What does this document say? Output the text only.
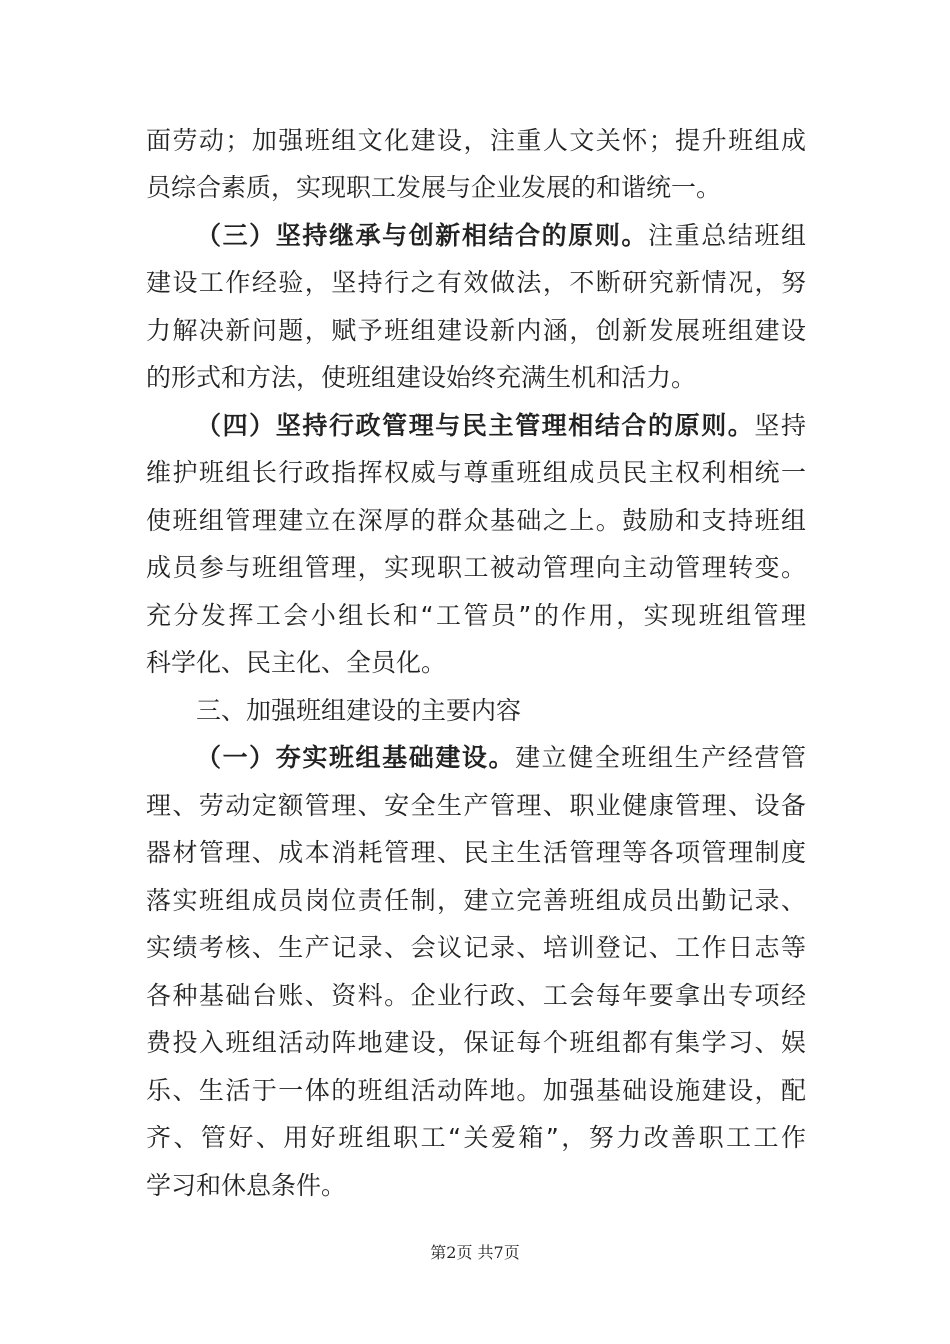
面劳动；加强班组文化建设，注重人文关怀；提升班组成
员综合素质，实现职工发展与企业发展的和谐统一。
（三）坚持继承与创新相结合的原则。注重总结班组
建设工作经验，坚持行之有效做法，不断研究新情况，努
力解决新问题，赋予班组建设新内涵，创新发展班组建设
的形式和方法，使班组建设始终充满生机和活力。
（四）坚持行政管理与民主管理相结合的原则。坚持
维护班组长行政指挥权威与尊重班组成员民主权利相统一
使班组管理建立在深厚的群众基础之上。鼓励和支持班组
成员参与班组管理，实现职工被动管理向主动管理转变。
充分发挥工会小组长和“工管员”的作用，实现班组管理
科学化、民主化、全员化。
三、加强班组建设的主要内容
（一）夯实班组基础建设。建立健全班组生产经营管
理、劳动定额管理、安全生产管理、职业健康管理、设备
器材管理、成本消耗管理、民主生活管理等各项管理制度
落实班组成员岗位责任制，建立完善班组成员出勤记录、
实绩考核、生产记录、会议记录、培训登记、工作日志等
各种基础台账、资料。企业行政、工会每年要拿出专项经
费投入班组活动阵地建设，保证每个班组都有集学习、娱
乐、生活于一体的班组活动阵地。加强基础设施建设，配
齐、管好、用好班组职工“关爱箱”，努力改善职工工作
学习和休息条件。
第2页 共7页
